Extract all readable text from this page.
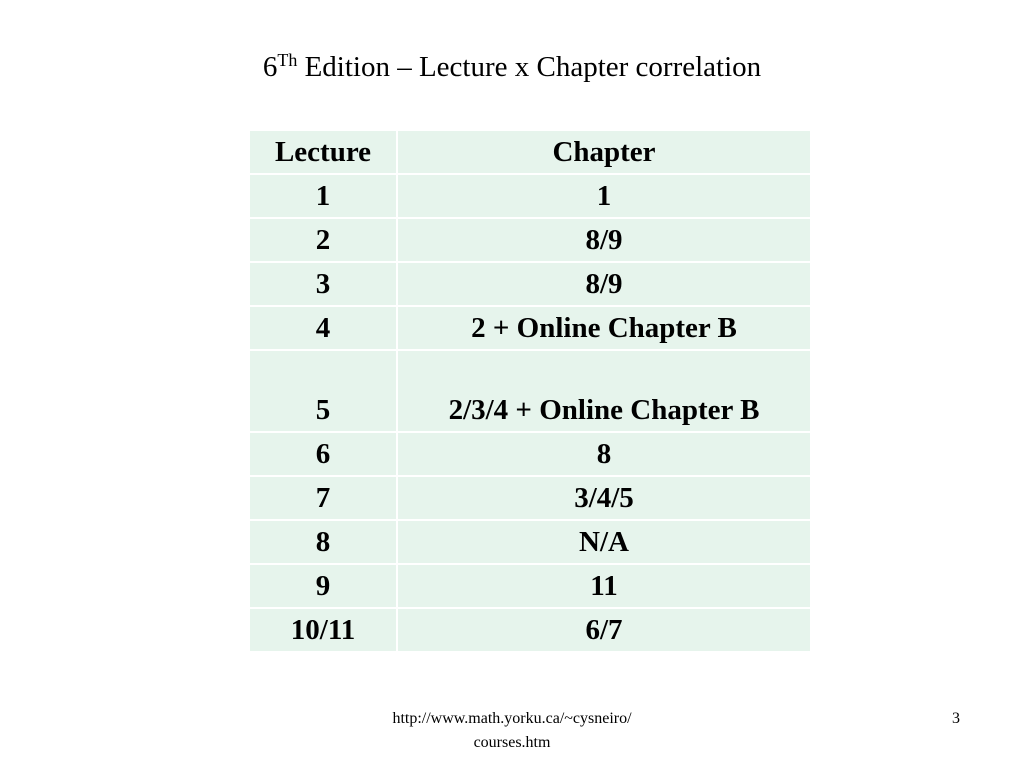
6Th Edition – Lecture x Chapter correlation
Lecture	Chapter
1	1
2	8/9
3	8/9
4	2 + Online Chapter B
5	2/3/4 + Online Chapter B
6	8
7	3/4/5
8	N/A
9	11
10/11	6/7
http://www.math.yorku.ca/~cysneiro/
courses.htm
3
